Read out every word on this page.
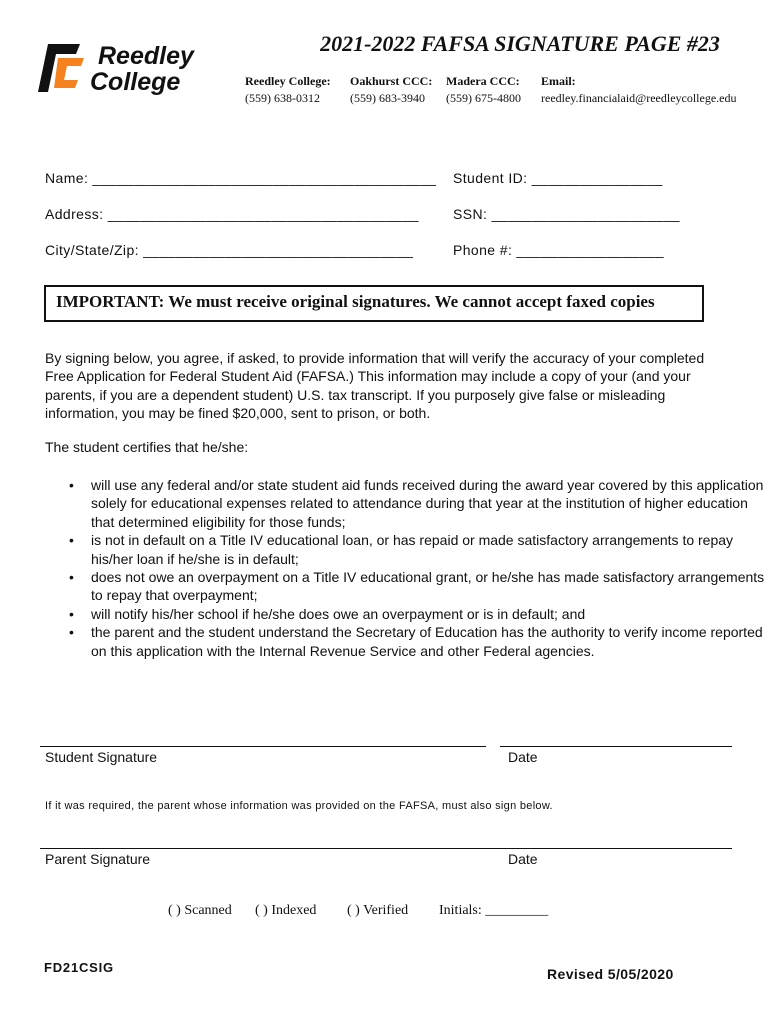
Reedley
College
2021-2022 FAFSA SIGNATURE PAGE #23
Reedley College:
(559) 638-0312
Oakhurst CCC:
(559) 683-3940
Madera CCC:
(559) 675-4800
Email:
reedley.financialaid@reedleycollege.edu
Name: __________________________________________ Student ID: ________________
Address: ______________________________________ SSN: _______________________
City/State/Zip: _________________________________	Phone #: __________________
IMPORTANT: We must receive original signatures. We cannot accept faxed copies
By signing below, you agree, if asked, to provide information that will verify the accuracy of your completed Free Application for Federal Student Aid (FAFSA.) This information may include a copy of your (and your parents, if you are a dependent student) U.S. tax transcript. If you purposely give false or misleading information, you may be fined $20,000, sent to prison, or both.
The student certifies that he/she:
• will use any federal and/or state student aid funds received during the award year covered by this application solely for educational expenses related to attendance during that year at the institution of higher education that determined eligibility for those funds;
• is not in default on a Title IV educational loan, or has repaid or made satisfactory arrangements to repay his/her loan if he/she is in default;
• does not owe an overpayment on a Title IV educational grant, or he/she has made satisfactory arrangements to repay that overpayment;
• will notify his/her school if he/she does owe an overpayment or is in default; and
• the parent and the student understand the Secretary of Education has the authority to verify income reported on this application with the Internal Revenue Service and other Federal agencies.
Student Signature	Date
If it was required, the parent whose information was provided on the FAFSA, must also sign below.
Parent Signature	Date
( ) Scanned ( ) Indexed ( ) Verified Initials: _________
FD21CSIG	Revised 5/05/2020
